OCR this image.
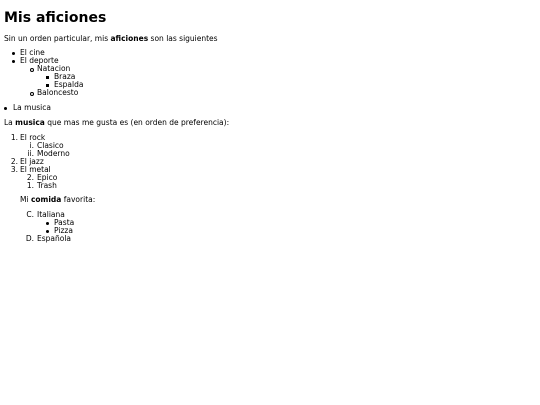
Mis aficiones
Sin un orden particular, mis aficiones son las siguientes
El cine
El deporte
Natacion
Braza
Espalda
Baloncesto
La musica
La musica que mas me gusta es (en orden de preferencia):
1. El rock
i. Clasico
ii. Moderno
2. El jazz
3. El metal
2. Epico
1. Trash
Mi comida favorita:
C. Italiana
Pasta
Pizza
D. Española
